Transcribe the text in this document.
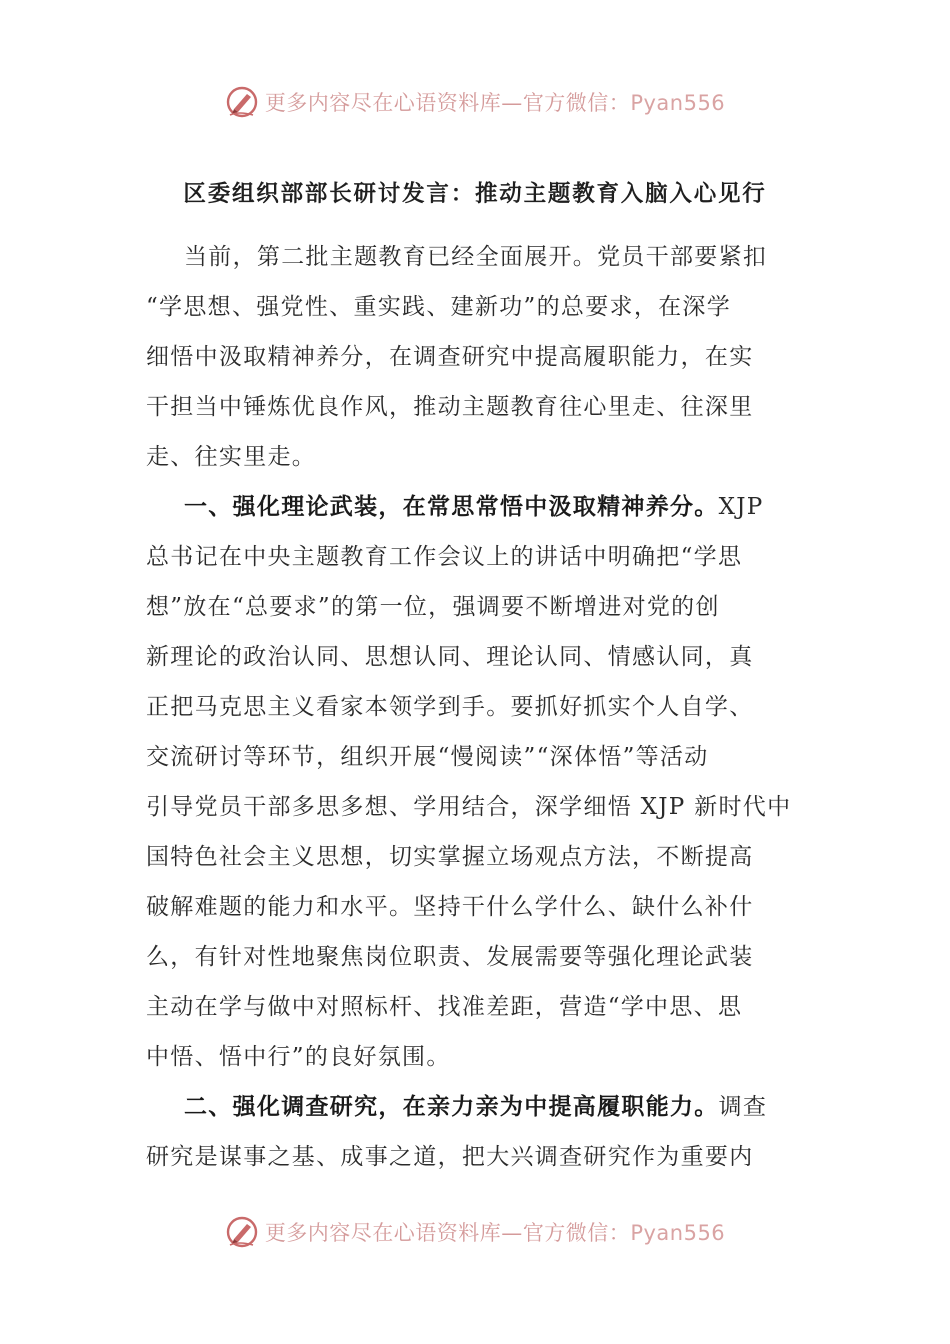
更多内容尽在心语资料库—官方微信：Pyan556
区委组织部部长研讨发言：推动主题教育入脑入心见行
当前，第二批主题教育已经全面展开。党员干部要紧扣
“学思想、强党性、重实践、建新功”的总要求，在深学
细悟中汲取精神养分，在调查研究中提高履职能力，在实
干担当中锤炼优良作风，推动主题教育往心里走、往深里
走、往实里走。
一、强化理论武装，在常思常悟中汲取精神养分。XJP
总书记在中央主题教育工作会议上的讲话中明确把“学思
想”放在“总要求”的第一位，强调要不断增进对党的创
新理论的政治认同、思想认同、理论认同、情感认同，真
正把马克思主义看家本领学到手。要抓好抓实个人自学、
交流研讨等环节，组织开展“慢阅读”“深体悟”等活动
引导党员干部多思多想、学用结合，深学细悟 XJP 新时代中
国特色社会主义思想，切实掌握立场观点方法，不断提高
破解难题的能力和水平。坚持干什么学什么、缺什么补什
么，有针对性地聚焦岗位职责、发展需要等强化理论武装
主动在学与做中对照标杆、找准差距，营造“学中思、思
中悟、悟中行”的良好氛围。
二、强化调查研究，在亲力亲为中提高履职能力。调查
研究是谋事之基、成事之道，把大兴调查研究作为重要内
更多内容尽在心语资料库—官方微信：Pyan556
